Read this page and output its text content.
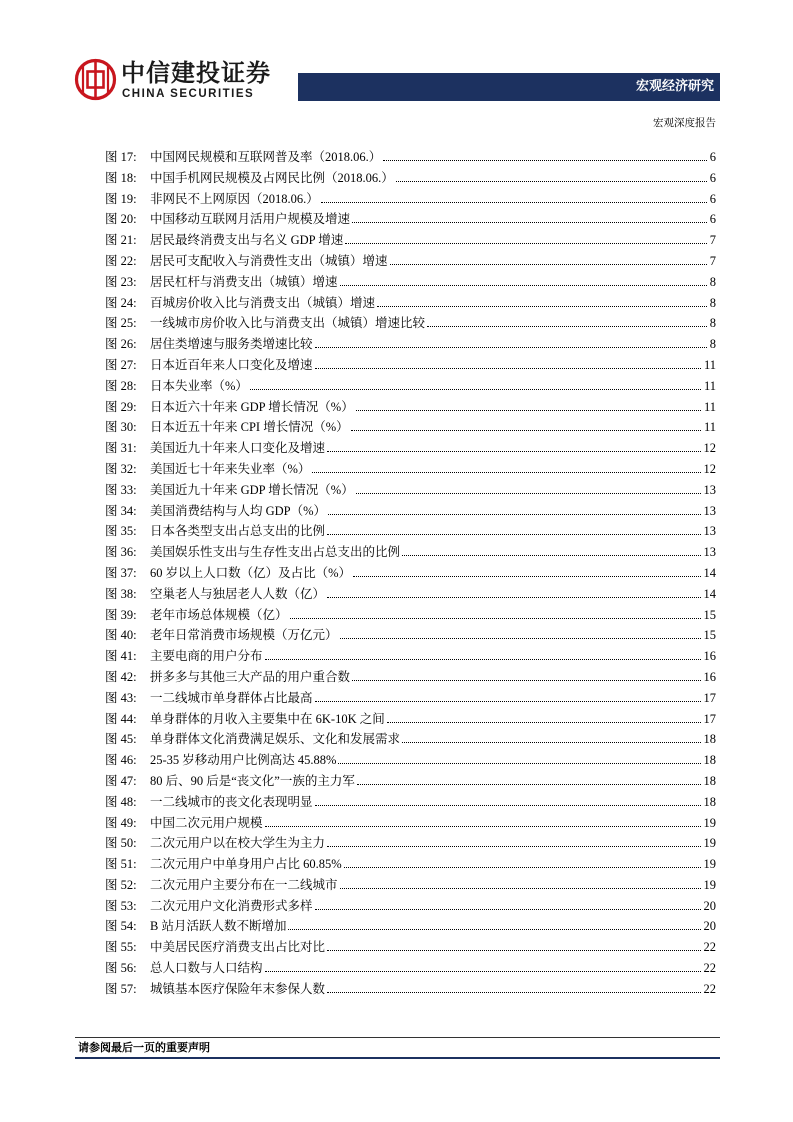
中信建投证券
CHINA SECURITIES	宏观经济研究
宏观深度报告
图 17:	中国网民规模和互联网普及率（2018.06.）	6
图 18:	中国手机网民规模及占网民比例（2018.06.）	6
图 19:	非网民不上网原因（2018.06.）	6
图 20:	中国移动互联网月活用户规模及增速	6
图 21:	居民最终消费支出与名义 GDP 增速	7
图 22:	居民可支配收入与消费性支出（城镇）增速	7
图 23:	居民杠杆与消费支出（城镇）增速	8
图 24:	百城房价收入比与消费支出（城镇）增速	8
图 25:	一线城市房价收入比与消费支出（城镇）增速比较	8
图 26:	居住类增速与服务类增速比较	8
图 27:	日本近百年来人口变化及增速	11
图 28:	日本失业率（%）	11
图 29:	日本近六十年来 GDP 增长情况（%）	11
图 30:	日本近五十年来 CPI 增长情况（%）	11
图 31:	美国近九十年来人口变化及增速	12
图 32:	美国近七十年来失业率（%）	12
图 33:	美国近九十年来 GDP 增长情况（%）	13
图 34:	美国消费结构与人均 GDP（%）	13
图 35:	日本各类型支出占总支出的比例	13
图 36:	美国娱乐性支出与生存性支出占总支出的比例	13
图 37:	60 岁以上人口数（亿）及占比（%）	14
图 38:	空巢老人与独居老人人数（亿）	14
图 39:	老年市场总体规模（亿）	15
图 40:	老年日常消费市场规模（万亿元）	15
图 41:	主要电商的用户分布	16
图 42:	拼多多与其他三大产品的用户重合数	16
图 43:	一二线城市单身群体占比最高	17
图 44:	单身群体的月收入主要集中在 6K-10K 之间	17
图 45:	单身群体文化消费满足娱乐、文化和发展需求	18
图 46:	25-35 岁移动用户比例高达 45.88%	18
图 47:	80 后、90 后是“丧文化”一族的主力军	18
图 48:	一二线城市的丧文化表现明显	18
图 49:	中国二次元用户规模	19
图 50:	二次元用户以在校大学生为主力	19
图 51:	二次元用户中单身用户占比 60.85%	19
图 52:	二次元用户主要分布在一二线城市	19
图 53:	二次元用户文化消费形式多样	20
图 54:	B 站月活跃人数不断增加	20
图 55:	中美居民医疗消费支出占比对比	22
图 56:	总人口数与人口结构	22
图 57:	城镇基本医疗保险年末参保人数	22
请参阅最后一页的重要声明
